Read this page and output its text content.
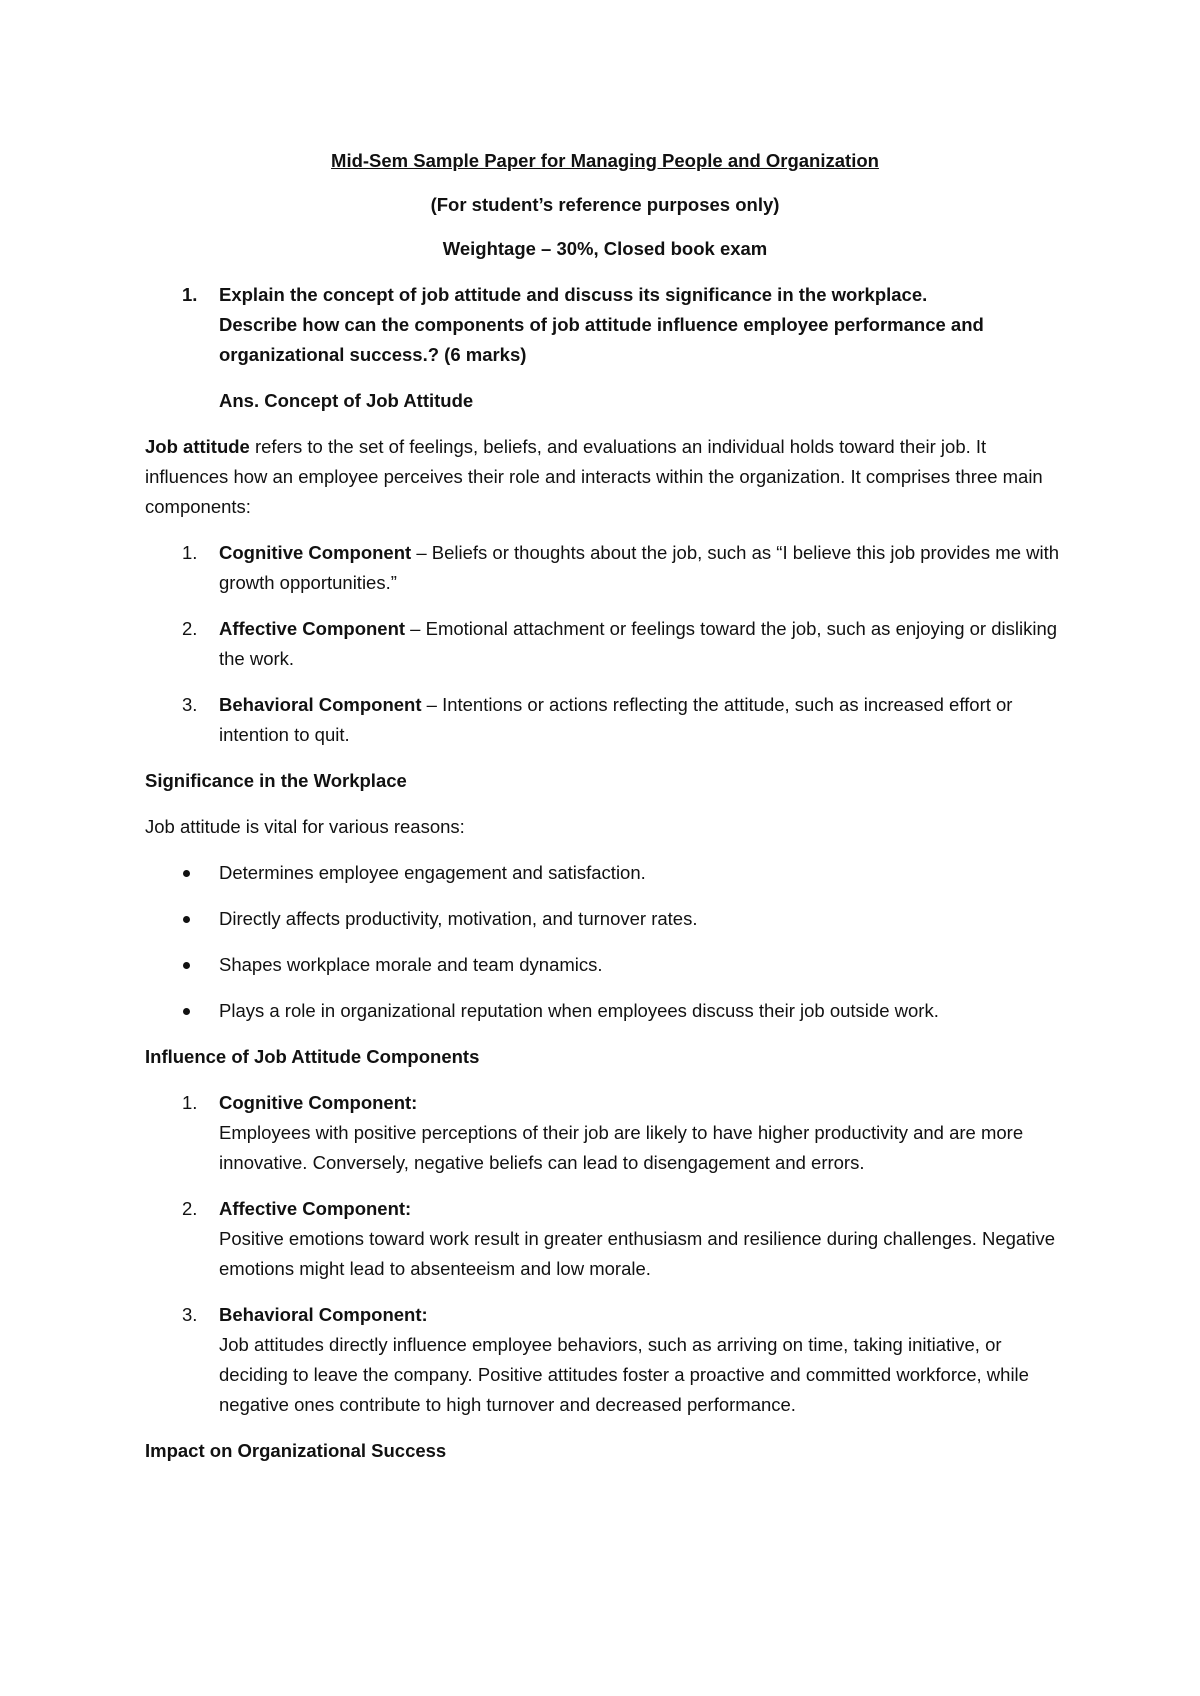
Mid-Sem Sample Paper for Managing People and Organization
(For student’s reference purposes only)
Weightage – 30%, Closed book exam
1. Explain the concept of job attitude and discuss its significance in the workplace.
Describe how can the components of job attitude influence employee performance and
organizational success.? (6 marks)
Ans. Concept of Job Attitude
Job attitude refers to the set of feelings, beliefs, and evaluations an individual holds toward their job. It influences how an employee perceives their role and interacts within the organization. It comprises three main components:
1. Cognitive Component – Beliefs or thoughts about the job, such as “I believe this job provides me with growth opportunities.”
2. Affective Component – Emotional attachment or feelings toward the job, such as enjoying or disliking the work.
3. Behavioral Component – Intentions or actions reflecting the attitude, such as increased effort or intention to quit.
Significance in the Workplace
Job attitude is vital for various reasons:
Determines employee engagement and satisfaction.
Directly affects productivity, motivation, and turnover rates.
Shapes workplace morale and team dynamics.
Plays a role in organizational reputation when employees discuss their job outside work.
Influence of Job Attitude Components
1. Cognitive Component:
Employees with positive perceptions of their job are likely to have higher productivity and are more innovative. Conversely, negative beliefs can lead to disengagement and errors.
2. Affective Component:
Positive emotions toward work result in greater enthusiasm and resilience during challenges. Negative emotions might lead to absenteeism and low morale.
3. Behavioral Component:
Job attitudes directly influence employee behaviors, such as arriving on time, taking initiative, or deciding to leave the company. Positive attitudes foster a proactive and committed workforce, while negative ones contribute to high turnover and decreased performance.
Impact on Organizational Success
